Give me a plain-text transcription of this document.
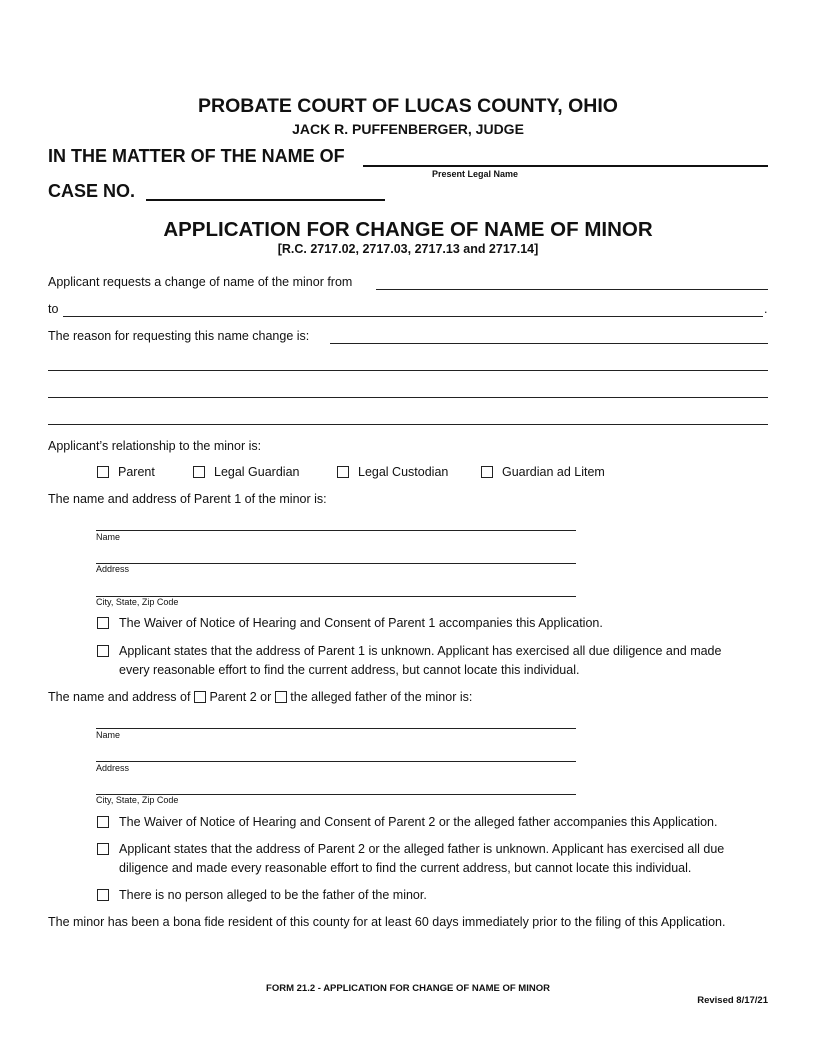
PROBATE COURT OF LUCAS COUNTY, OHIO
JACK R. PUFFENBERGER, JUDGE
IN THE MATTER OF THE NAME OF
Present Legal Name
CASE NO.
APPLICATION FOR CHANGE OF NAME OF MINOR
[R.C. 2717.02, 2717.03, 2717.13 and 2717.14]
Applicant requests a change of name of the minor from
to	.
The reason for requesting this name change is:
Applicant’s relationship to the minor is:
Parent	Legal Guardian	Legal Custodian	Guardian ad Litem
The name and address of Parent 1 of the minor is:
Name
Address
City, State, Zip Code
The Waiver of Notice of Hearing and Consent of Parent 1 accompanies this Application.
Applicant states that the address of Parent 1 is unknown. Applicant has exercised all due diligence and made
every reasonable effort to find the current address, but cannot locate this individual.
The name and address of Parent 2 or the alleged father of the minor is:
Name
Address
City, State, Zip Code
The Waiver of Notice of Hearing and Consent of Parent 2 or the alleged father accompanies this Application.
Applicant states that the address of Parent 2 or the alleged father is unknown. Applicant has exercised all due
diligence and made every reasonable effort to find the current address, but cannot locate this individual.
There is no person alleged to be the father of the minor.
The minor has been a bona fide resident of this county for at least 60 days immediately prior to the filing of this Application.
FORM 21.2 - APPLICATION FOR CHANGE OF NAME OF MINOR
Revised 8/17/21
